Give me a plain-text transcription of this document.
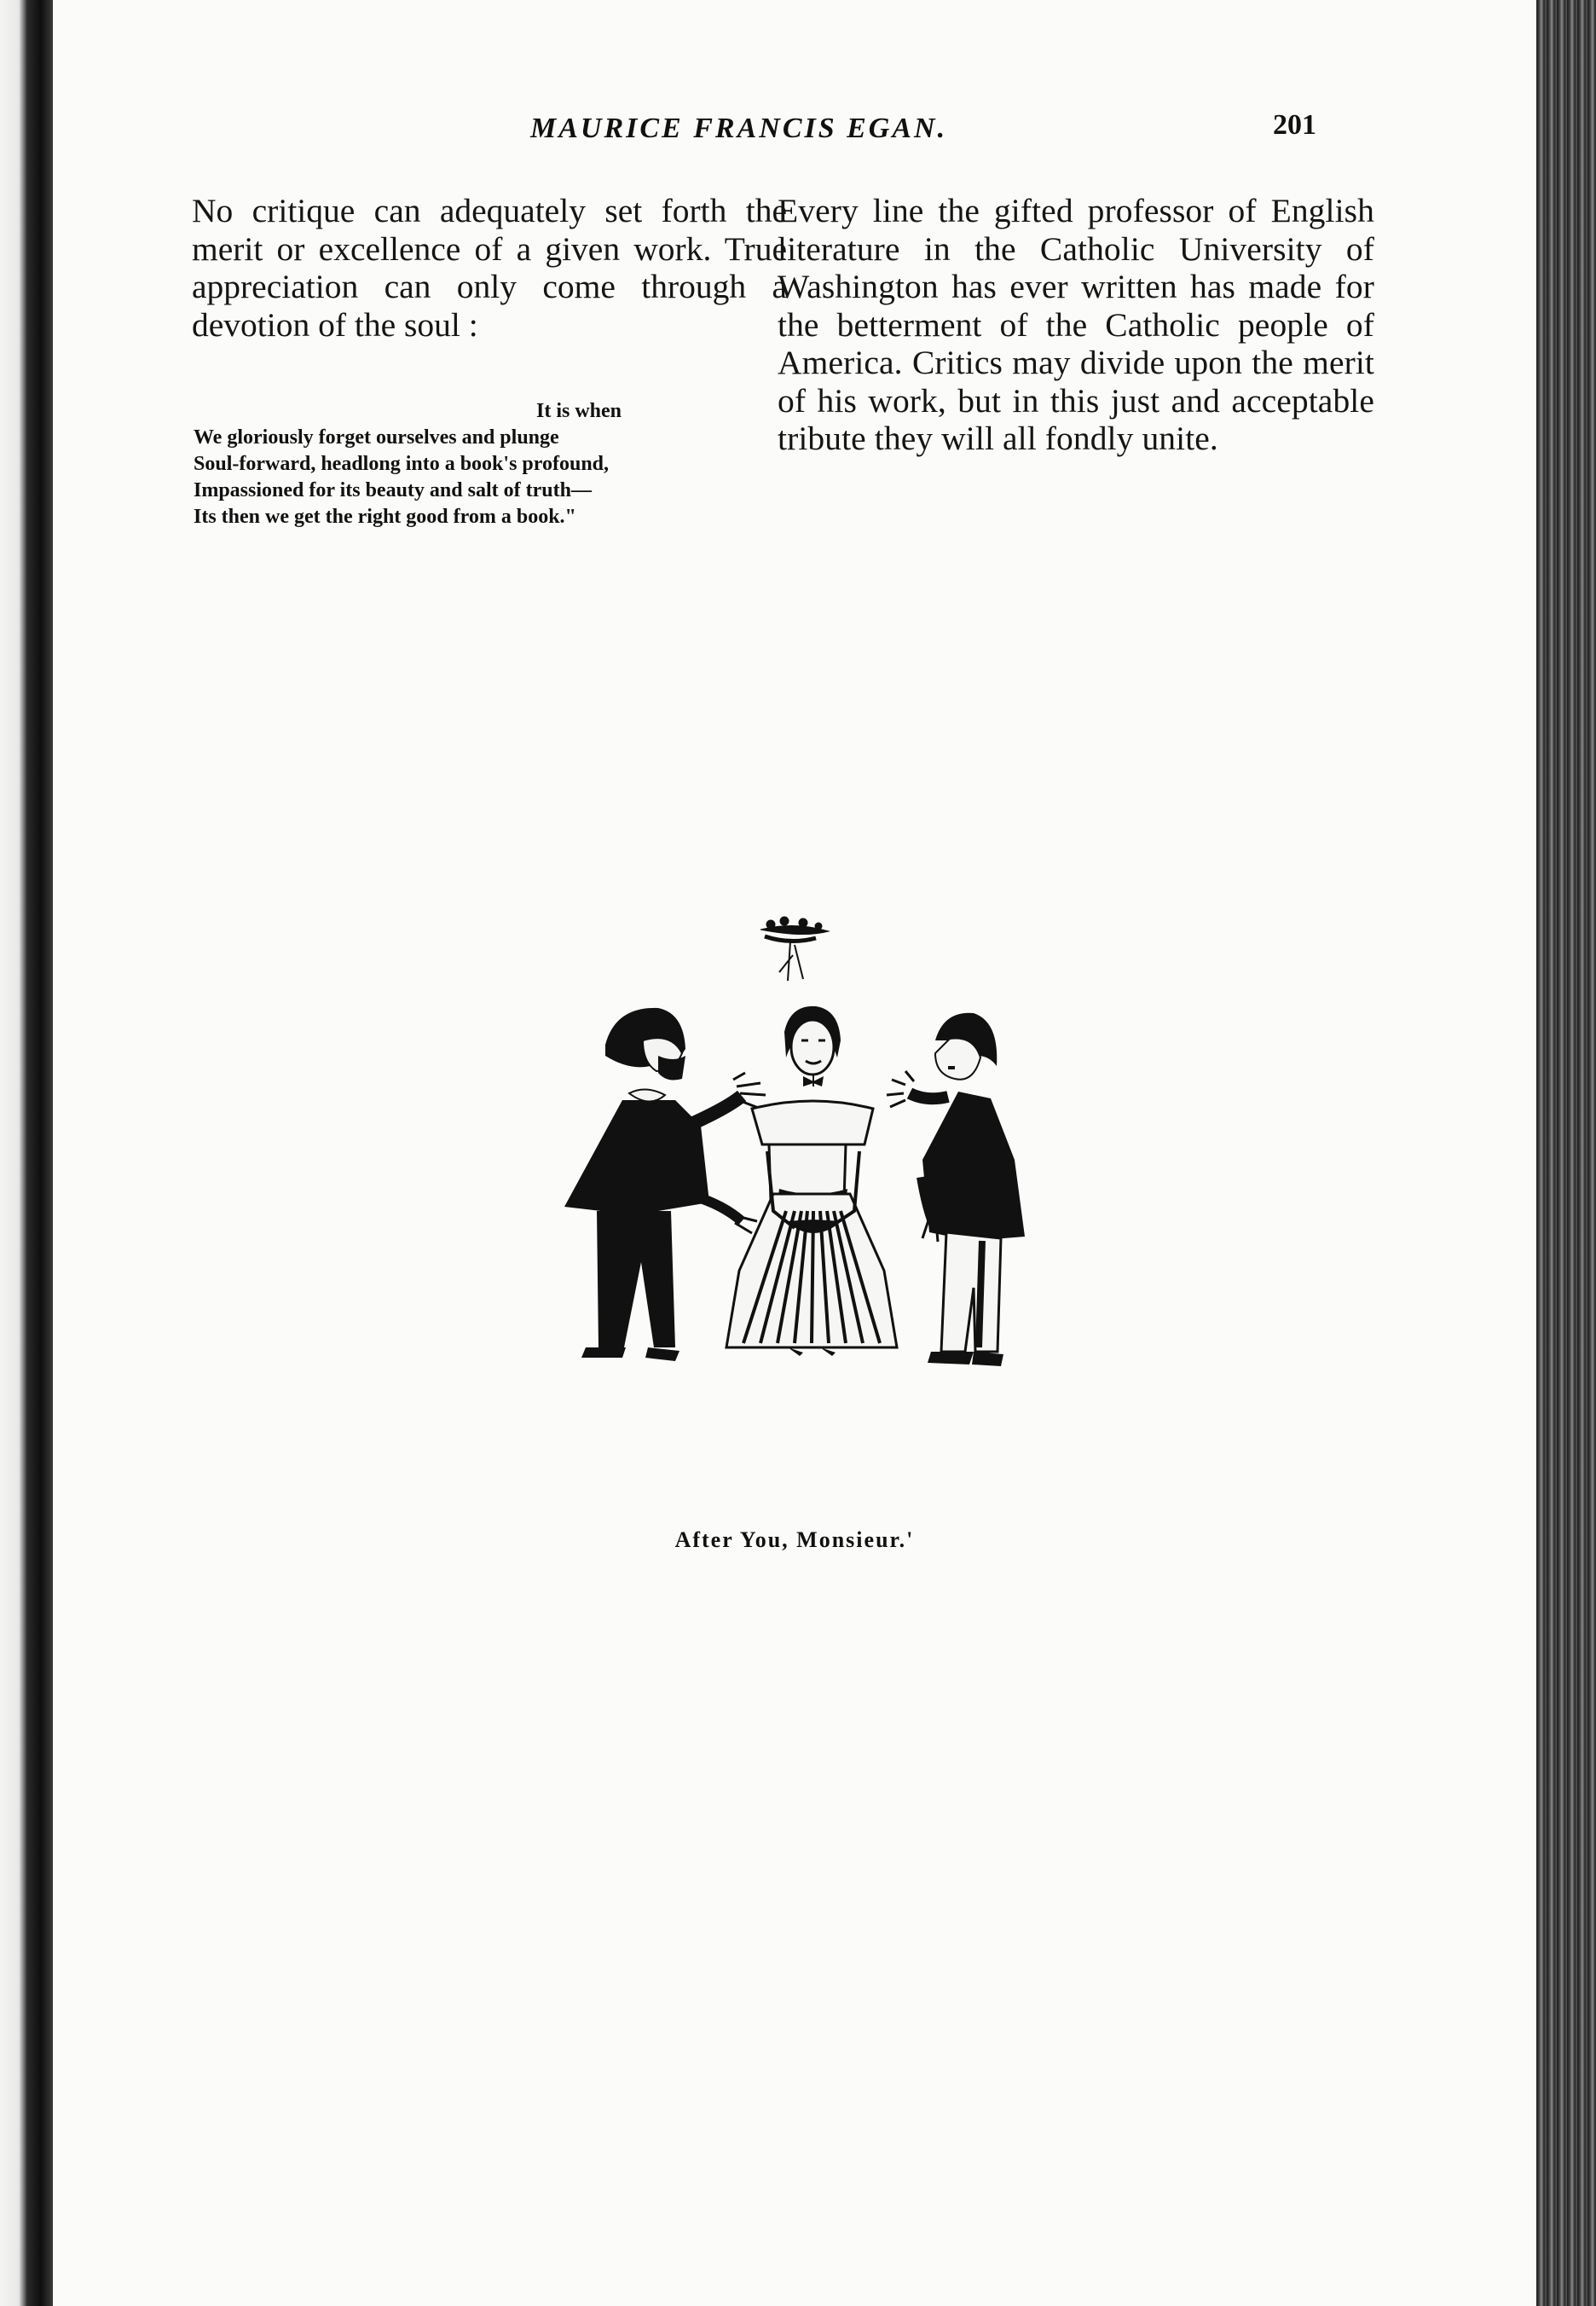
MAURICE FRANCIS EGAN.	201

No critique can adequately set forth the merit or excellence of a given work. True appreciation can only come through a devotion of the soul :

It is when
We gloriously forget ourselves and plunge
Soul-forward, headlong into a book's profound,
Impassioned for its beauty and salt of truth—
Its then we get the right good from a book."

Every line the gifted professor of English literature in the Catholic University of Washington has ever written has made for the betterment of the Catholic people of America. Critics may divide upon the merit of his work, but in this just and acceptable tribute they will all fondly unite.

After You, Monsieur.'
